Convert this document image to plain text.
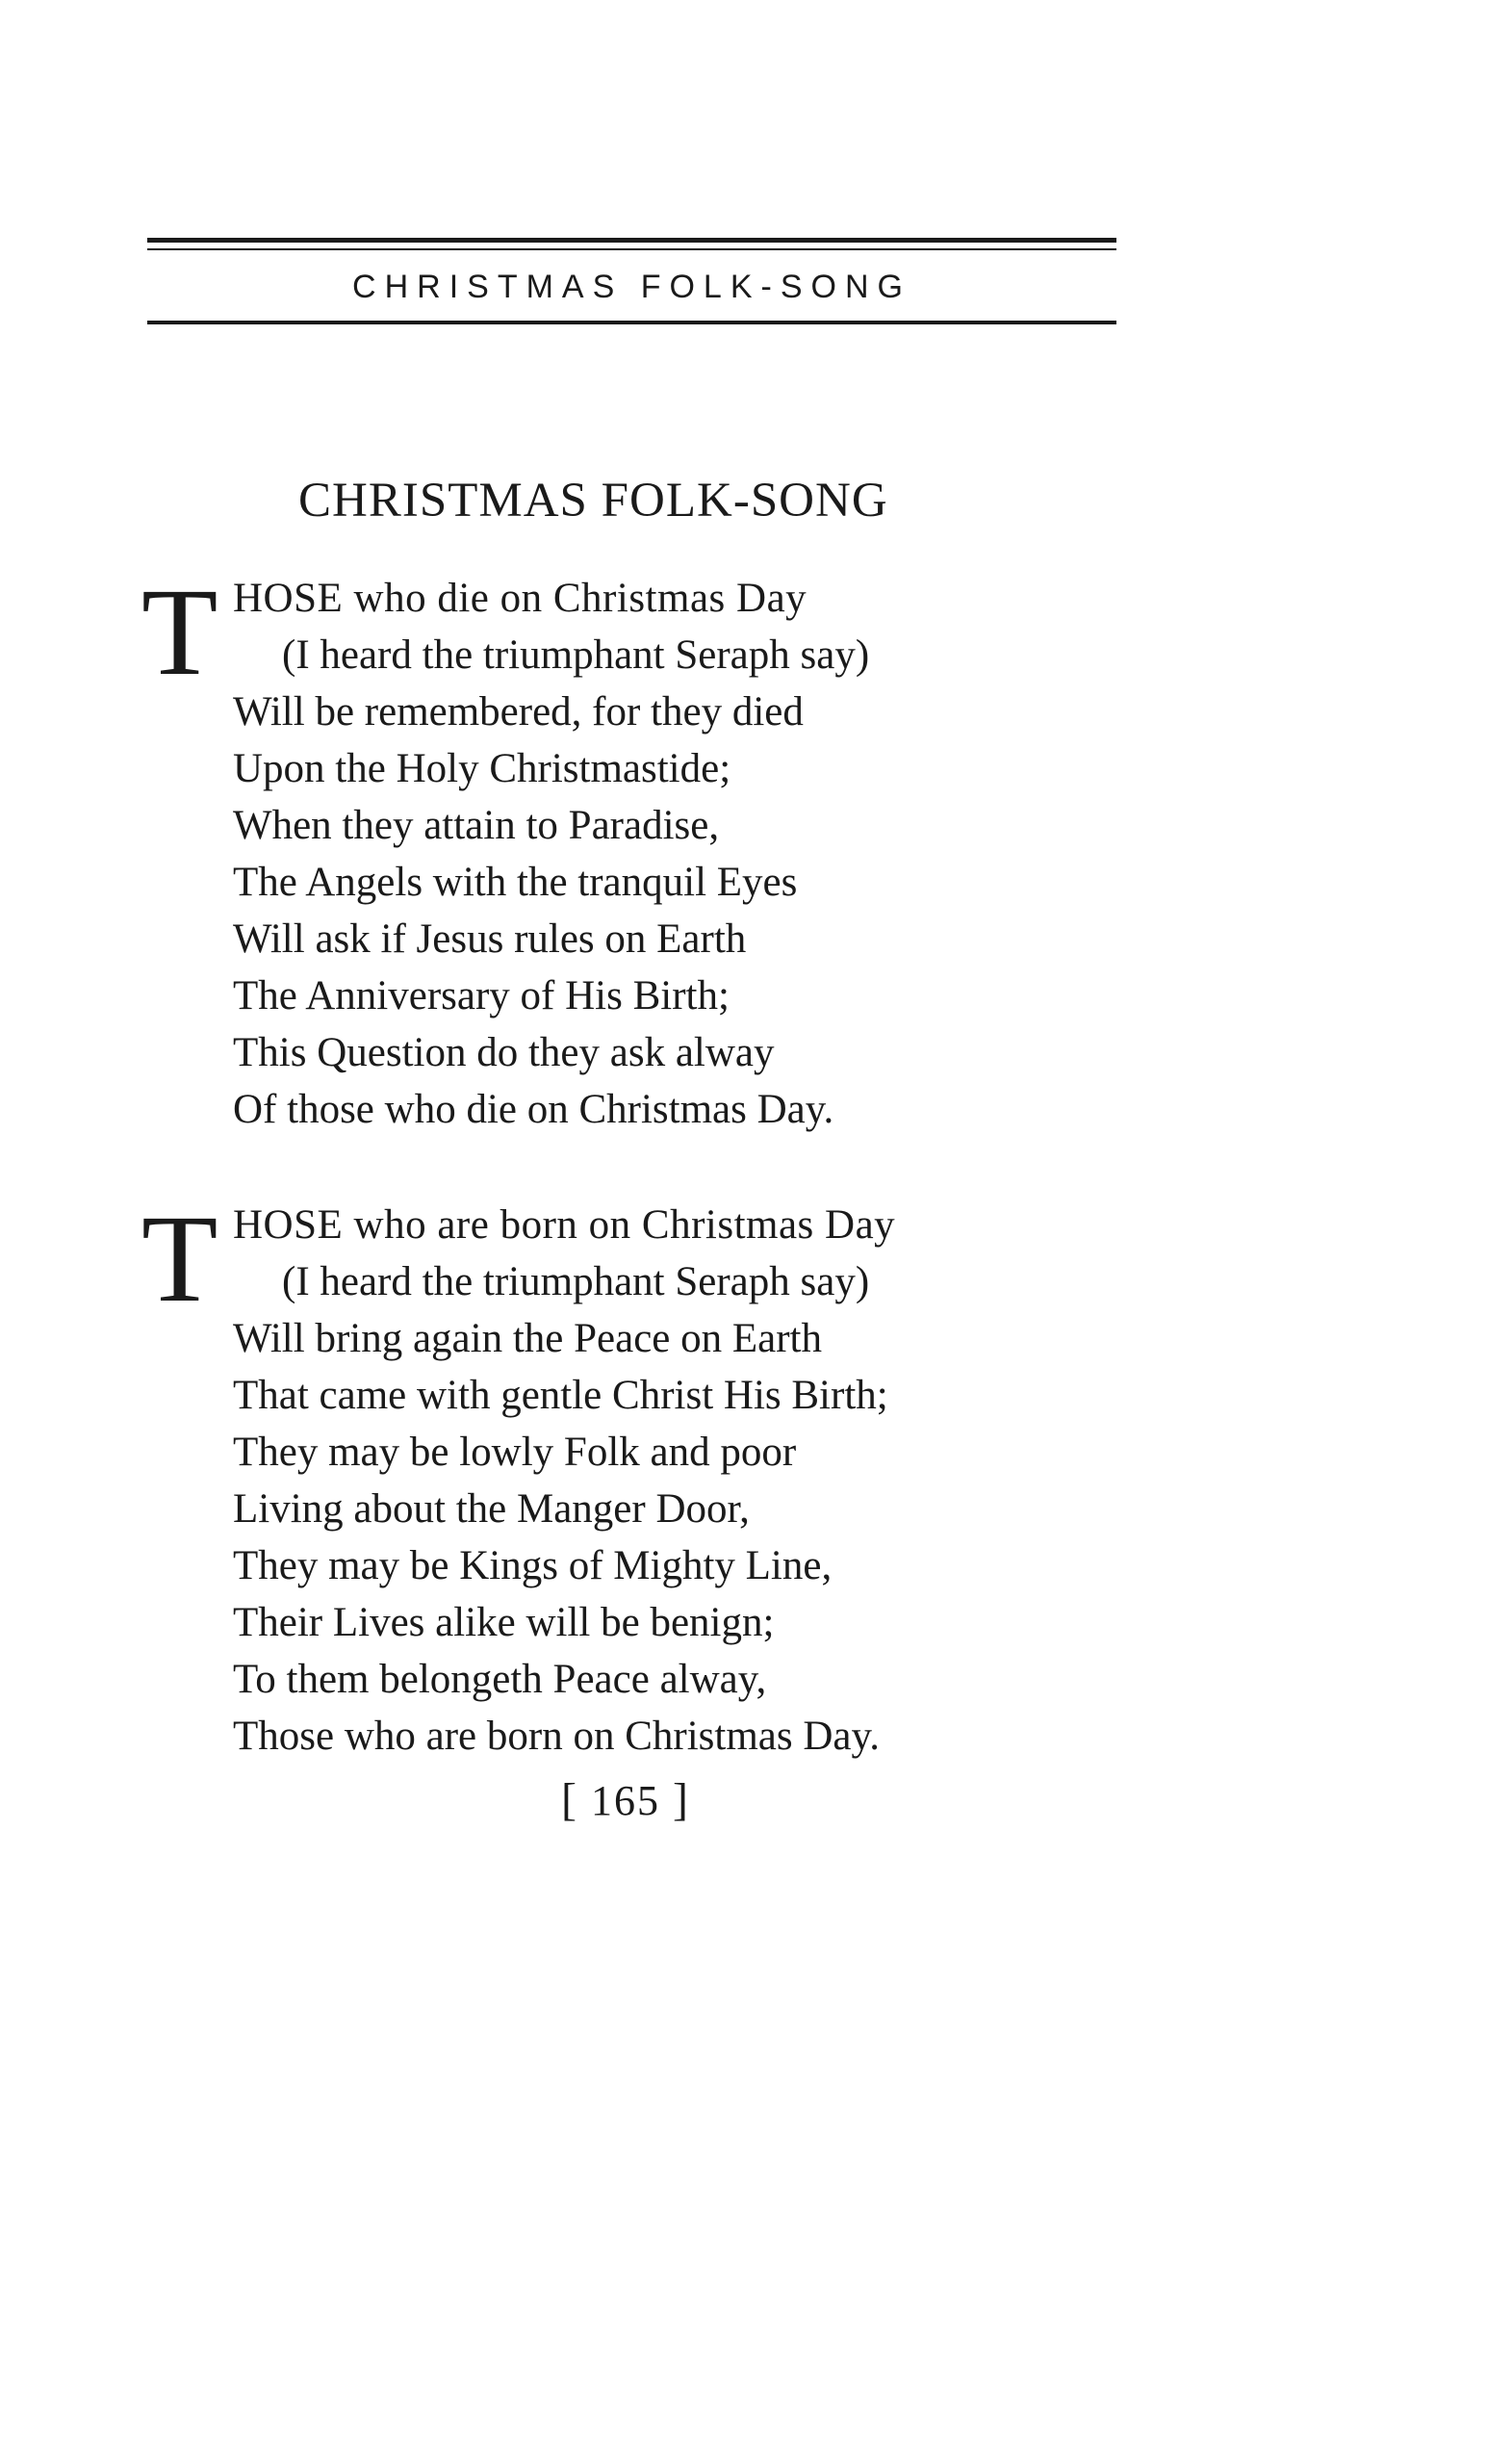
CHRISTMAS FOLK-SONG
CHRISTMAS FOLK-SONG
T HOSE who die on Christmas Day
(I heard the triumphant Seraph say)
Will be remembered, for they died
Upon the Holy Christmastide;
When they attain to Paradise,
The Angels with the tranquil Eyes
Will ask if Jesus rules on Earth
The Anniversary of His Birth;
This Question do they ask alway
Of those who die on Christmas Day.
T HOSE who are born on Christmas Day
(I heard the triumphant Seraph say)
Will bring again the Peace on Earth
That came with gentle Christ His Birth;
They may be lowly Folk and poor
Living about the Manger Door,
They may be Kings of Mighty Line,
Their Lives alike will be benign;
To them belongeth Peace alway,
Those who are born on Christmas Day.
[ 165 ]
